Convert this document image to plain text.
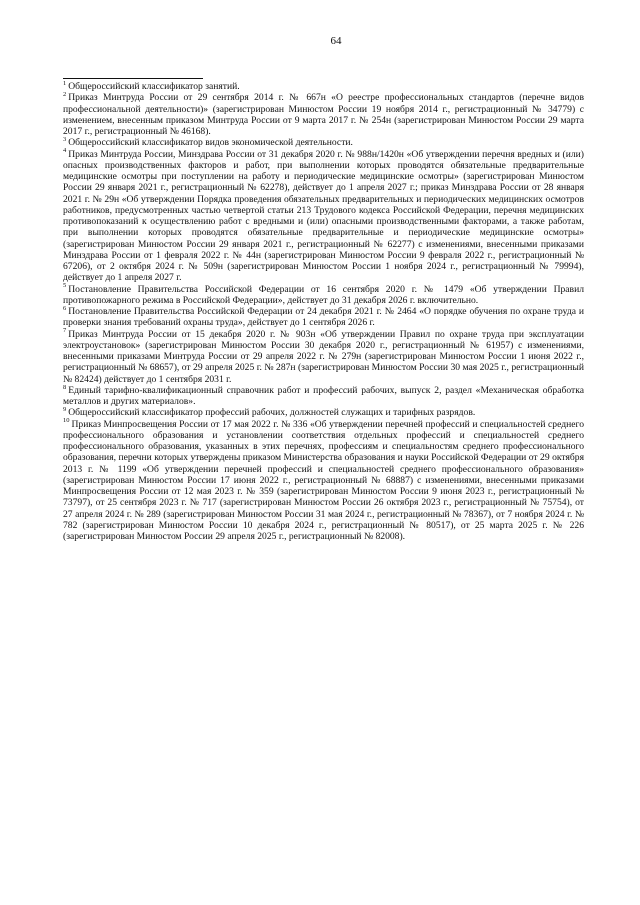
64

$^1$ Общероссийский классификатор занятий.

$^2$ Приказ Минтруда России от 29 сентября 2014 г. № 667н «О реестре профессиональных стандартов (перечне видов профессиональной деятельности)» (зарегистрирован Минюстом России 19 ноября 2014 г., регистрационный № 34779) с изменением, внесенным приказом Минтруда России от 9 марта 2017 г. № 254н (зарегистрирован Минюстом России 29 марта 2017 г., регистрационный № 46168).

$^3$ Общероссийский классификатор видов экономической деятельности.

$^4$ Приказ Минтруда России, Минздрава России от 31 декабря 2020 г. № 988н/1420н «Об утверждении перечня вредных и (или) опасных производственных факторов и работ, при выполнении которых проводятся обязательные предварительные медицинские осмотры при поступлении на работу и периодические медицинские осмотры» (зарегистрирован Минюстом России 29 января 2021 г., регистрационный № 62278), действует до 1 апреля 2027 г.; приказ Минздрава России от 28 января 2021 г. № 29н «Об утверждении Порядка проведения обязательных предварительных и периодических медицинских осмотров работников, предусмотренных частью четвертой статьи 213 Трудового кодекса Российской Федерации, перечня медицинских противопоказаний к осуществлению работ с вредными и (или) опасными производственными факторами, а также работам, при выполнении которых проводятся обязательные предварительные и периодические медицинские осмотры» (зарегистрирован Минюстом России 29 января 2021 г., регистрационный № 62277) с изменениями, внесенными приказами Минздрава России от 1 февраля 2022 г. № 44н (зарегистрирован Минюстом России 9 февраля 2022 г., регистрационный № 67206), от 2 октября 2024 г. № 509н (зарегистрирован Минюстом России 1 ноября 2024 г., регистрационный № 79994), действует до 1 апреля 2027 г.

$^5$ Постановление Правительства Российской Федерации от 16 сентября 2020 г. № 1479 «Об утверждении Правил противопожарного режима в Российской Федерации», действует до 31 декабря 2026 г. включительно.

$^6$ Постановление Правительства Российской Федерации от 24 декабря 2021 г. № 2464 «О порядке обучения по охране труда и проверки знания требований охраны труда», действует до 1 сентября 2026 г.

$^7$ Приказ Минтруда России от 15 декабря 2020 г. № 903н «Об утверждении Правил по охране труда при эксплуатации электроустановок» (зарегистрирован Минюстом России 30 декабря 2020 г., регистрационный № 61957) с изменениями, внесенными приказами Минтруда России от 29 апреля 2022 г. № 279н (зарегистрирован Минюстом России 1 июня 2022 г., регистрационный № 68657), от 29 апреля 2025 г. № 287н (зарегистрирован Минюстом России 30 мая 2025 г., регистрационный № 82424) действует до 1 сентября 2031 г.

$^8$ Единый тарифно-квалификационный справочник работ и профессий рабочих, выпуск 2, раздел «Механическая обработка металлов и других материалов».

$^9$ Общероссийский классификатор профессий рабочих, должностей служащих и тарифных разрядов.

$^{10}$ Приказ Минпросвещения России от 17 мая 2022 г. № 336 «Об утверждении перечней профессий и специальностей среднего профессионального образования и установлении соответствия отдельных профессий и специальностей среднего профессионального образования, указанных в этих перечнях, профессиям и специальностям среднего профессионального образования, перечни которых утверждены приказом Министерства образования и науки Российской Федерации от 29 октября 2013 г. № 1199 «Об утверждении перечней профессий и специальностей среднего профессионального образования» (зарегистрирован Минюстом России 17 июня 2022 г., регистрационный № 68887) с изменениями, внесенными приказами Минпросвещения России от 12 мая 2023 г. № 359 (зарегистрирован Минюстом России 9 июня 2023 г., регистрационный № 73797), от 25 сентября 2023 г. № 717 (зарегистрирован Минюстом России 26 октября 2023 г., регистрационный № 75754), от 27 апреля 2024 г. № 289 (зарегистрирован Минюстом России 31 мая 2024 г., регистрационный № 78367), от 7 ноября 2024 г. № 782 (зарегистрирован Минюстом России 10 декабря 2024 г., регистрационный № 80517), от 25 марта 2025 г. № 226 (зарегистрирован Минюстом России 29 апреля 2025 г., регистрационный № 82008).
